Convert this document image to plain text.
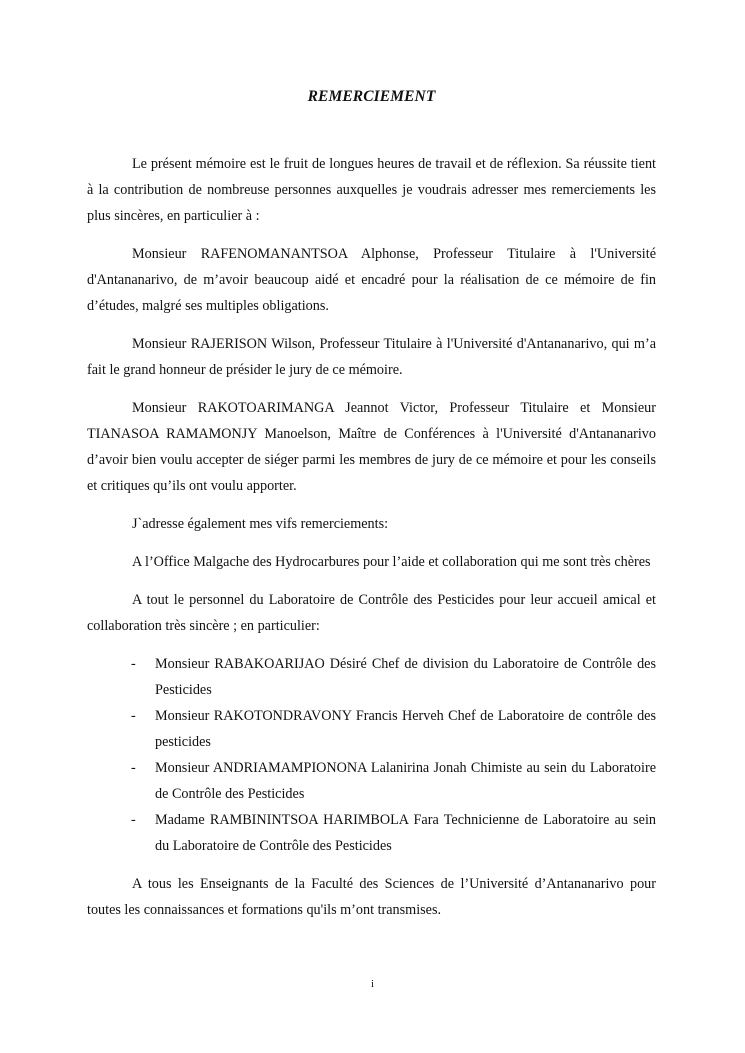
REMERCIEMENT

Le présent mémoire est le fruit de longues heures de travail et de réflexion. Sa réussite tient à la contribution de nombreuse personnes auxquelles je voudrais adresser mes remerciements les plus sincères, en particulier à :

Monsieur RAFENOMANANTSOA Alphonse, Professeur Titulaire à l'Université d'Antananarivo, de m’avoir beaucoup aidé et encadré pour la réalisation de ce mémoire de fin d’études, malgré ses multiples obligations.

Monsieur RAJERISON Wilson, Professeur Titulaire à l'Université d'Antananarivo, qui m’a fait le grand honneur de présider le jury de ce mémoire.

Monsieur RAKOTOARIMANGA Jeannot Victor, Professeur Titulaire et Monsieur TIANASOA RAMAMONJY Manoelson, Maître de Conférences à l'Université d'Antananarivo d’avoir bien voulu accepter de siéger parmi les membres de jury de ce mémoire et pour les conseils et critiques qu’ils ont voulu apporter.

J`adresse également mes vifs remerciements:

A l’Office Malgache des Hydrocarbures pour l’aide et collaboration qui me sont très chères

A tout le personnel du Laboratoire de Contrôle des Pesticides pour leur accueil amical et collaboration très sincère ; en particulier:

- Monsieur RABAKOARIJAO Désiré Chef de division du Laboratoire de Contrôle des Pesticides
- Monsieur RAKOTONDRAVONY Francis Herveh Chef de Laboratoire de contrôle des pesticides
- Monsieur ANDRIAMAMPIONONA Lalanirina Jonah Chimiste au sein du Laboratoire de Contrôle des Pesticides
- Madame RAMBININTSOA HARIMBOLA Fara Technicienne de Laboratoire au sein du Laboratoire de Contrôle des Pesticides

A tous les Enseignants de la Faculté des Sciences de l’Université d’Antananarivo pour toutes les connaissances et formations qu'ils m’ont transmises.

i
